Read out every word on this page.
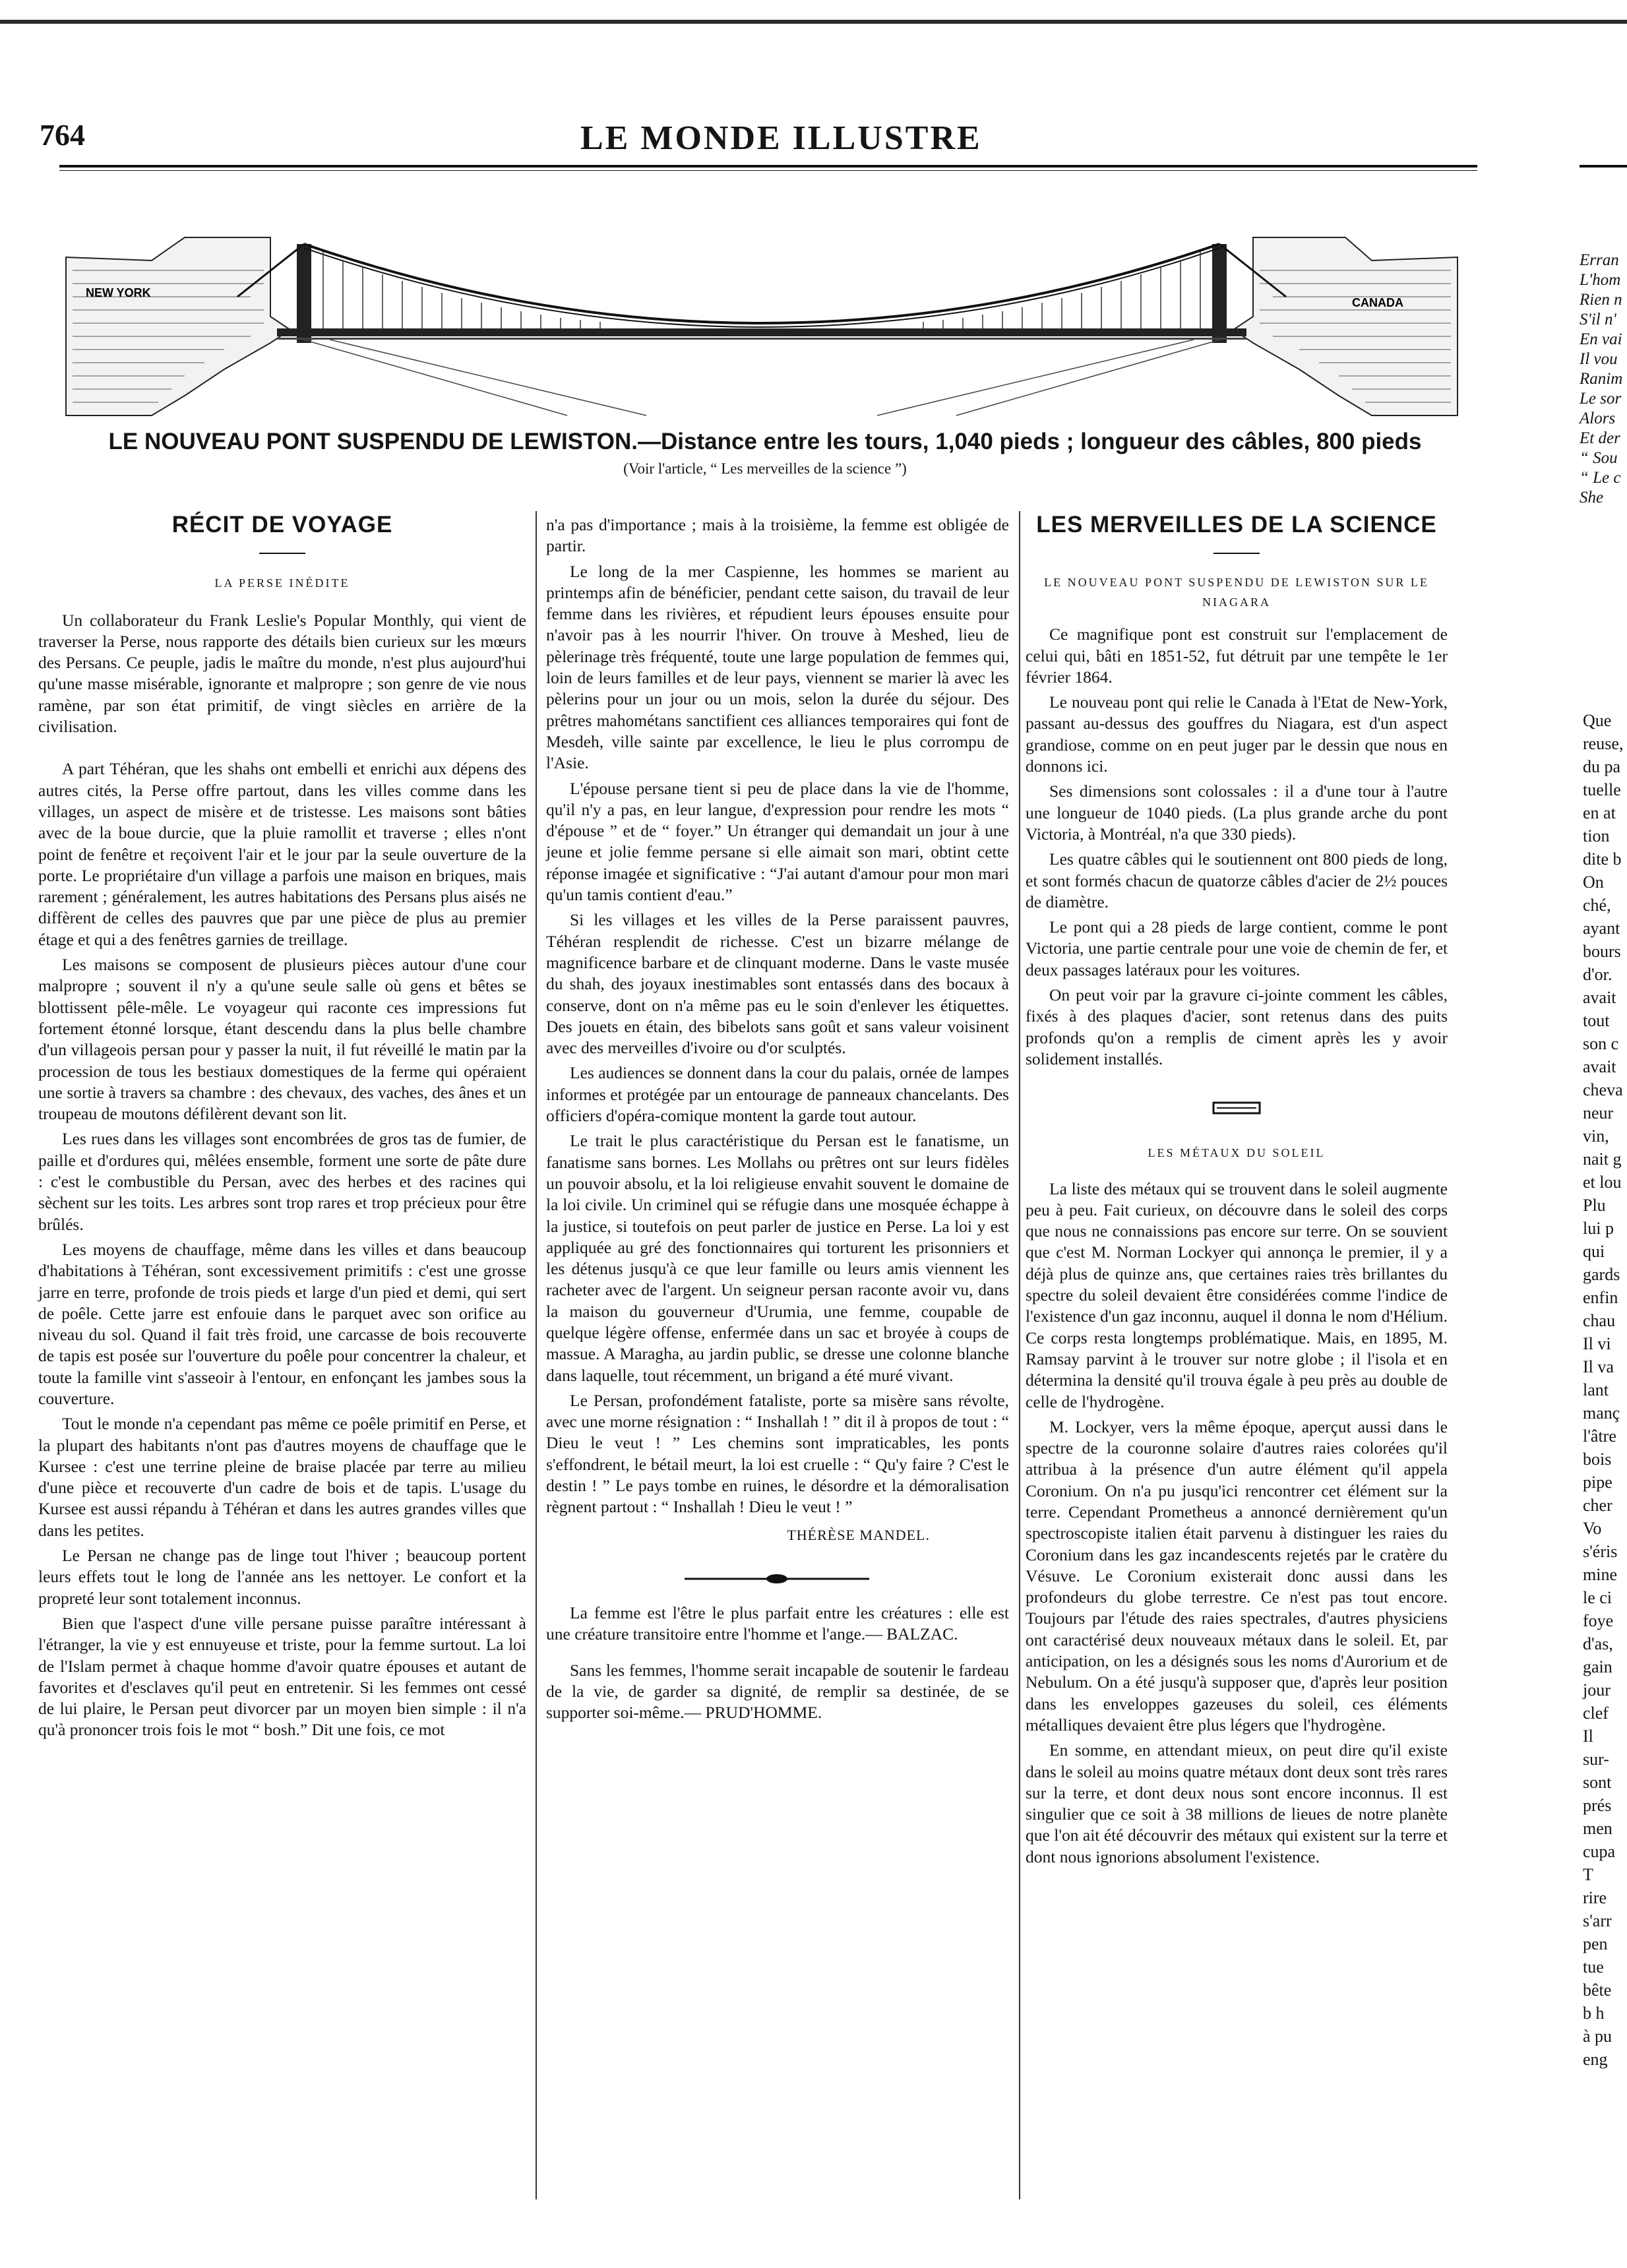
764	LE MONDE ILLUSTRE
NEW YORK
CANADA
LE NOUVEAU PONT SUSPENDU DE LEWISTON.—Distance entre les tours, 1,040 pieds ; longueur des câbles, 800 pieds
(Voir l'article, “ Les merveilles de la science ”)
RÉCIT DE VOYAGE
LA PERSE INÉDITE

Un collaborateur du Frank Leslie's Popular Monthly, qui vient de traverser la Perse, nous rapporte des détails bien curieux sur les mœurs des Persans. Ce peuple, jadis le maître du monde, n'est plus aujourd'hui qu'une masse misérable, ignorante et malpropre ; son genre de vie nous ramène, par son état primitif, de vingt siècles en arrière de la civilisation.

A part Téhéran, que les shahs ont embelli et enrichi aux dépens des autres cités, la Perse offre partout, dans les villes comme dans les villages, un aspect de misère et de tristesse. Les maisons sont bâties avec de la boue durcie, que la pluie ramollit et traverse ; elles n'ont point de fenêtre et reçoivent l'air et le jour par la seule ouverture de la porte. Le propriétaire d'un village a parfois une maison en briques, mais rarement ; généralement, les autres habitations des Persans plus aisés ne diffèrent de celles des pauvres que par une pièce de plus au premier étage et qui a des fenêtres garnies de treillage.

Les maisons se composent de plusieurs pièces autour d'une cour malpropre ; souvent il n'y a qu'une seule salle où gens et bêtes se blottissent pêle-mêle. Le voyageur qui raconte ces impressions fut fortement étonné lorsque, étant descendu dans la plus belle chambre d'un villageois persan pour y passer la nuit, il fut réveillé le matin par la procession de tous les bestiaux domestiques de la ferme qui opéraient une sortie à travers sa chambre : des chevaux, des vaches, des ânes et un troupeau de moutons défilèrent devant son lit.

Les rues dans les villages sont encombrées de gros tas de fumier, de paille et d'ordures qui, mêlées ensemble, forment une sorte de pâte dure : c'est le combustible du Persan, avec des herbes et des racines qui sèchent sur les toits. Les arbres sont trop rares et trop précieux pour être brûlés.

Les moyens de chauffage, même dans les villes et dans beaucoup d'habitations à Téhéran, sont excessivement primitifs : c'est une grosse jarre en terre, profonde de trois pieds et large d'un pied et demi, qui sert de poêle. Cette jarre est enfouie dans le parquet avec son orifice au niveau du sol. Quand il fait très froid, une carcasse de bois recouverte de tapis est posée sur l'ouverture du poêle pour concentrer la chaleur, et toute la famille vint s'asseoir à l'entour, en enfonçant les jambes sous la couverture.

Tout le monde n'a cependant pas même ce poêle primitif en Perse, et la plupart des habitants n'ont pas d'autres moyens de chauffage que le Kursee : c'est une terrine pleine de braise placée par terre au milieu d'une pièce et recouverte d'un cadre de bois et de tapis. L'usage du Kursee est aussi répandu à Téhéran et dans les autres grandes villes que dans les petites.

Le Persan ne change pas de linge tout l'hiver ; beaucoup portent leurs effets tout le long de l'année ans les nettoyer. Le confort et la propreté leur sont totalement inconnus.

Bien que l'aspect d'une ville persane puisse paraître intéressant à l'étranger, la vie y est ennuyeuse et triste, pour la femme surtout. La loi de l'Islam permet à chaque homme d'avoir quatre épouses et autant de favorites et d'esclaves qu'il peut en entretenir. Si les femmes ont cessé de lui plaire, le Persan peut divorcer par un moyen bien simple : il n'a qu'à prononcer trois fois le mot “ bosh.” Dit une fois, ce mot

n'a pas d'importance ; mais à la troisième, la femme est obligée de partir.

Le long de la mer Caspienne, les hommes se marient au printemps afin de bénéficier, pendant cette saison, du travail de leur femme dans les rivières, et répudient leurs épouses ensuite pour n'avoir pas à les nourrir l'hiver. On trouve à Meshed, lieu de pèlerinage très fréquenté, toute une large population de femmes qui, loin de leurs familles et de leur pays, viennent se marier là avec les pèlerins pour un jour ou un mois, selon la durée du séjour. Des prêtres mahométans sanctifient ces alliances temporaires qui font de Mesdeh, ville sainte par excellence, le lieu le plus corrompu de l'Asie.

L'épouse persane tient si peu de place dans la vie de l'homme, qu'il n'y a pas, en leur langue, d'expression pour rendre les mots “ d'épouse ” et de “ foyer.” Un étranger qui demandait un jour à une jeune et jolie femme persane si elle aimait son mari, obtint cette réponse imagée et significative : “J'ai autant d'amour pour mon mari qu'un tamis contient d'eau.”

Si les villages et les villes de la Perse paraissent pauvres, Téhéran resplendit de richesse. C'est un bizarre mélange de magnificence barbare et de clinquant moderne. Dans le vaste musée du shah, des joyaux inestimables sont entassés dans des bocaux à conserve, dont on n'a même pas eu le soin d'enlever les étiquettes. Des jouets en étain, des bibelots sans goût et sans valeur voisinent avec des merveilles d'ivoire ou d'or sculptés.

Les audiences se donnent dans la cour du palais, ornée de lampes informes et protégée par un entourage de panneaux chancelants. Des officiers d'opéra-comique montent la garde tout autour.

Le trait le plus caractéristique du Persan est le fanatisme, un fanatisme sans bornes. Les Mollahs ou prêtres ont sur leurs fidèles un pouvoir absolu, et la loi religieuse envahit souvent le domaine de la loi civile. Un criminel qui se réfugie dans une mosquée échappe à la justice, si toutefois on peut parler de justice en Perse. La loi y est appliquée au gré des fonctionnaires qui torturent les prisonniers et les détenus jusqu'à ce que leur famille ou leurs amis viennent les racheter avec de l'argent. Un seigneur persan raconte avoir vu, dans la maison du gouverneur d'Urumia, une femme, coupable de quelque légère offense, enfermée dans un sac et broyée à coups de massue. A Maragha, au jardin public, se dresse une colonne blanche dans laquelle, tout récemment, un brigand a été muré vivant.

Le Persan, profondément fataliste, porte sa misère sans révolte, avec une morne résignation : “ Inshallah ! ” dit il à propos de tout : “ Dieu le veut ! ” Les chemins sont impraticables, les ponts s'effondrent, le bétail meurt, la loi est cruelle : “ Qu'y faire ? C'est le destin ! ” Le pays tombe en ruines, le désordre et la démoralisation règnent partout : “ Inshallah ! Dieu le veut ! ”

THÉRÈSE MANDEL.

La femme est l'être le plus parfait entre les créatures : elle est une créature transitoire entre l'homme et l'ange.— BALZAC.

Sans les femmes, l'homme serait incapable de soutenir le fardeau de la vie, de garder sa dignité, de remplir sa destinée, de se supporter soi-même.— PRUD'HOMME.

LES MERVEILLES DE LA SCIENCE
LE NOUVEAU PONT SUSPENDU DE LEWISTON SUR LE NIAGARA

Ce magnifique pont est construit sur l'emplacement de celui qui, bâti en 1851-52, fut détruit par une tempête le 1er février 1864.

Le nouveau pont qui relie le Canada à l'Etat de New-York, passant au-dessus des gouffres du Niagara, est d'un aspect grandiose, comme on en peut juger par le dessin que nous en donnons ici.

Ses dimensions sont colossales : il a d'une tour à l'autre une longueur de 1040 pieds. (La plus grande arche du pont Victoria, à Montréal, n'a que 330 pieds).

Les quatre câbles qui le soutiennent ont 800 pieds de long, et sont formés chacun de quatorze câbles d'acier de 2½ pouces de diamètre.

Le pont qui a 28 pieds de large contient, comme le pont Victoria, une partie centrale pour une voie de chemin de fer, et deux passages latéraux pour les voitures.

On peut voir par la gravure ci-jointe comment les câbles, fixés à des plaques d'acier, sont retenus dans des puits profonds qu'on a remplis de ciment après les y avoir solidement installés.

LES MÉTAUX DU SOLEIL

La liste des métaux qui se trouvent dans le soleil augmente peu à peu. Fait curieux, on découvre dans le soleil des corps que nous ne connaissions pas encore sur terre. On se souvient que c'est M. Norman Lockyer qui annonça le premier, il y a déjà plus de quinze ans, que certaines raies très brillantes du spectre du soleil devaient être considérées comme l'indice de l'existence d'un gaz inconnu, auquel il donna le nom d'Hélium. Ce corps resta longtemps problématique. Mais, en 1895, M. Ramsay parvint à le trouver sur notre globe ; il l'isola et en détermina la densité qu'il trouva égale à peu près au double de celle de l'hydrogène.

M. Lockyer, vers la même époque, aperçut aussi dans le spectre de la couronne solaire d'autres raies colorées qu'il attribua à la présence d'un autre élément qu'il appela Coronium. On n'a pu jusqu'ici rencontrer cet élément sur la terre. Cependant Prometheus a annoncé dernièrement qu'un spectroscopiste italien était parvenu à distinguer les raies du Coronium dans les gaz incandescents rejetés par le cratère du Vésuve. Le Coronium existerait donc aussi dans les profondeurs du globe terrestre. Ce n'est pas tout encore. Toujours par l'étude des raies spectrales, d'autres physiciens ont caractérisé deux nouveaux métaux dans le soleil. Et, par anticipation, on les a désignés sous les noms d'Aurorium et de Nebulum. On a été jusqu'à supposer que, d'après leur position dans les enveloppes gazeuses du soleil, ces éléments métalliques devaient être plus légers que l'hydrogène.

En somme, en attendant mieux, on peut dire qu'il existe dans le soleil au moins quatre métaux dont deux sont très rares sur la terre, et dont deux nous sont encore inconnus. Il est singulier que ce soit à 38 millions de lieues de notre planète que l'on ait été découvrir des métaux qui existent sur la terre et dont nous ignorions absolument l'existence.

Erran
L'hom
Rien n
S'il n'
En vai
Il vou
Ranim
Le sor
Alors
Et der
“ Sou
“ Le c
She
Que
reuse,
du pa
tuelle
en at
tion
dite b
On
ché,
ayant
bours
d'or.
avait
tout
son c
avait
cheva
neur
vin,
nait g
et lou
Plu
lui p
qui
gards
enfin
chau
Il vi
Il va
lant
manç
l'âtre
bois
pipe
cher
Vo
s'éris
mine
le ci
foye
d'as,
gain
jour
clef
Il
sur-
sont
prés
men
cupa
T
rire
s'arr
pen
tue
bête
b h
à pu
eng
